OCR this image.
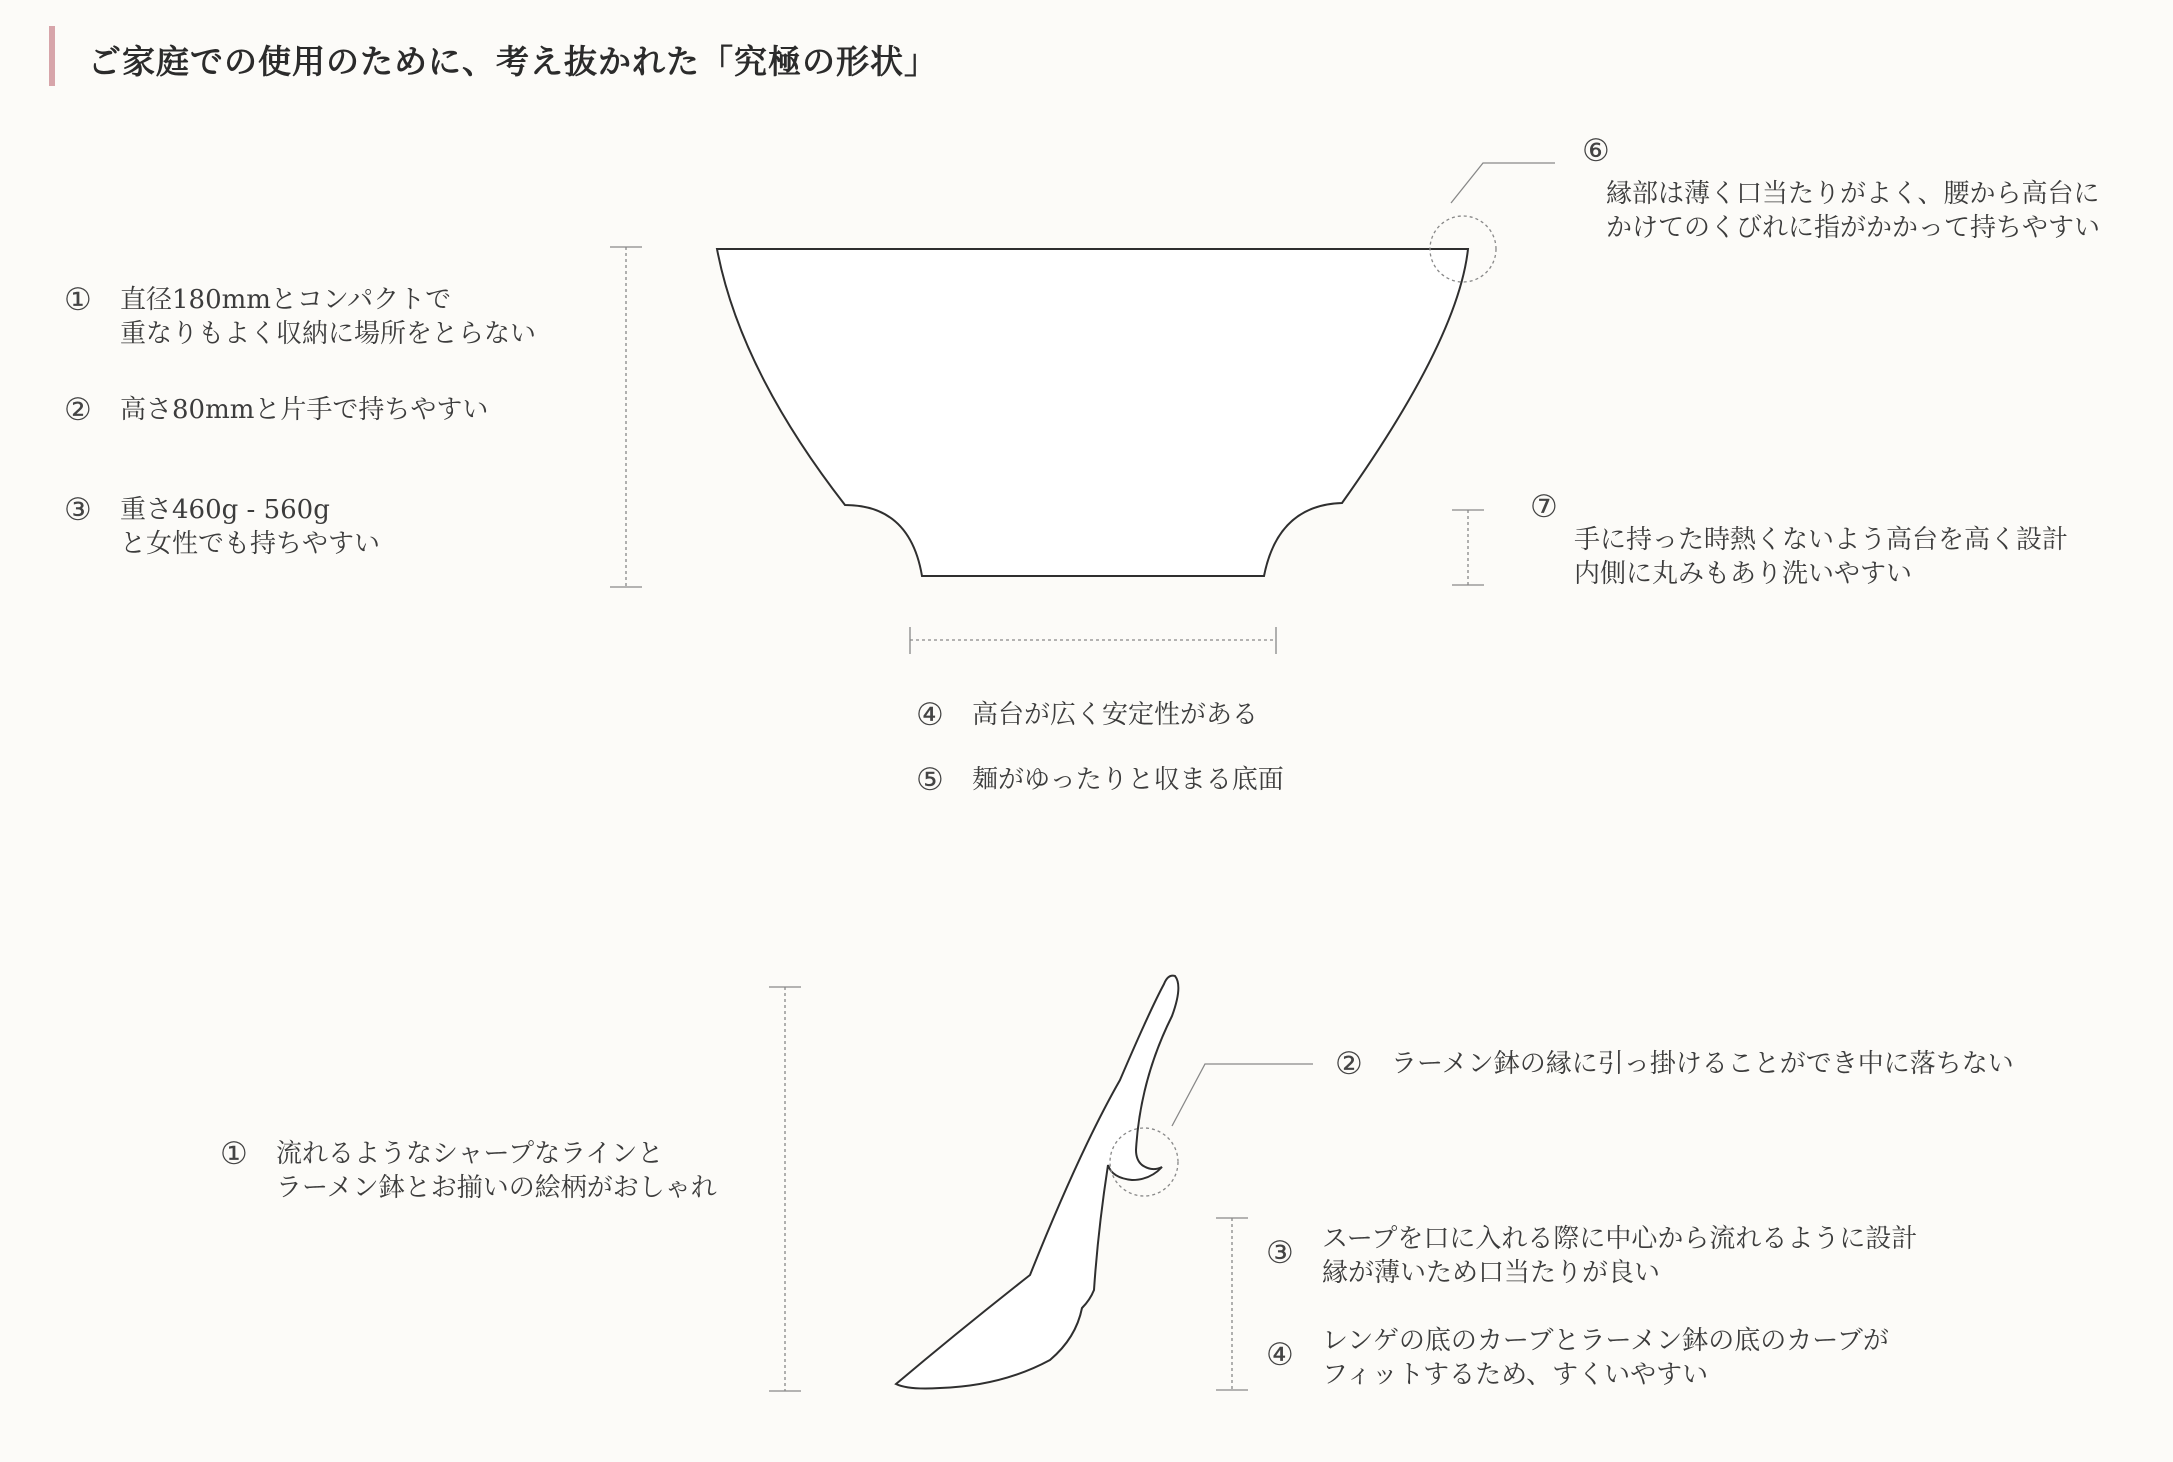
ご家庭での使用のために、考え抜かれた「究極の形状」
①	直径180mmとコンパクトで
重なりもよく収納に場所をとらない
②	高さ80mmと片手で持ちやすい
③	重さ460g - 560g
と女性でも持ちやすい
④	高台が広く安定性がある
⑤	麺がゆったりと収まる底面
⑥
縁部は薄く口当たりがよく、腰から高台に
かけてのくびれに指がかかって持ちやすい
⑦
手に持った時熱くないよう高台を高く設計
内側に丸みもあり洗いやすい
①	流れるようなシャープなラインと
ラーメン鉢とお揃いの絵柄がおしゃれ
②	ラーメン鉢の縁に引っ掛けることができ中に落ちない
③	スープを口に入れる際に中心から流れるように設計
縁が薄いため口当たりが良い
④	レンゲの底のカーブとラーメン鉢の底のカーブが
フィットするため、すくいやすい
